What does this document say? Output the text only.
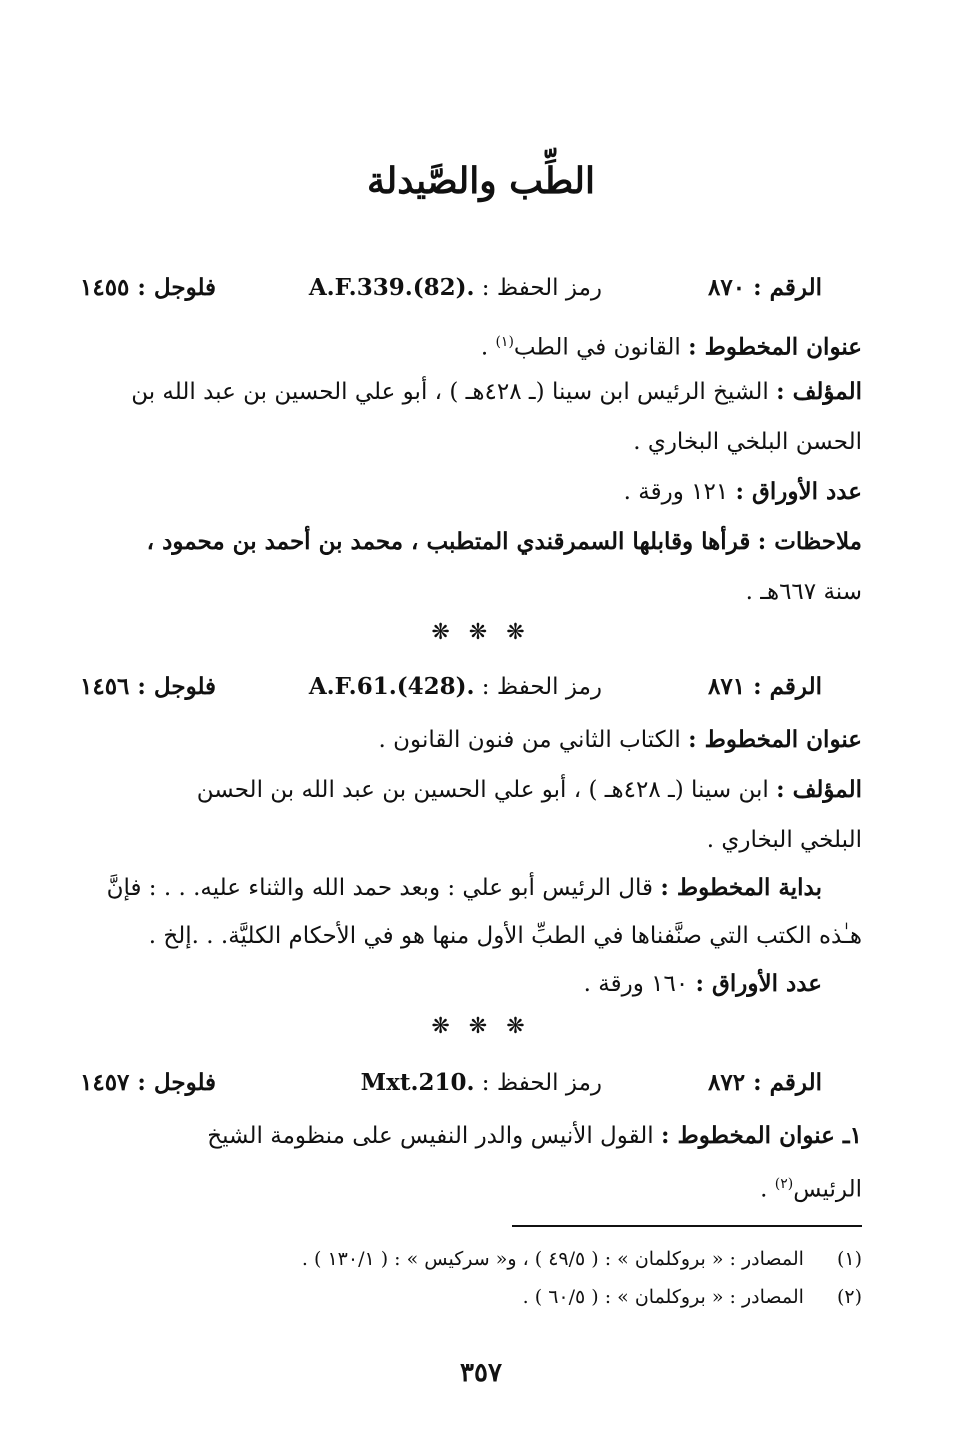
الطِّب والصَّيدلة
الرقم : ٨٧٠
رمز الحفظ : A.F.339.(82).
فلوجل : ١٤٥٥
عنوان المخطوط : القانون في الطب$^{(١)}$ .
المؤلف : الشيخ الرئيس ابن سينا (ـ ٤٢٨هـ ) ، أبو علي الحسين بن عبد الله بن
الحسن البلخي البخاري .
عدد الأوراق : ١٢١ ورقة .
ملاحظات : قرأها وقابلها السمرقندي المتطبب ، محمد بن أحمد بن محمود ،
سنة ٦٦٧هـ .
❋ ❋ ❋
الرقم : ٨٧١
رمز الحفظ : A.F.61.(428).
فلوجل : ١٤٥٦
عنوان المخطوط : الكتاب الثاني من فنون القانون .
المؤلف : ابن سينا (ـ ٤٢٨هـ ) ، أبو علي الحسين بن عبد الله بن الحسن
البلخي البخاري .
بداية المخطوط : قال الرئيس أبو علي : وبعد حمد الله والثناء عليه. . . : فإنَّ
هـٰذه الكتب التي صنَّفناها في الطبِّ الأول منها هو في الأحكام الكليَّة. . .إلخ .
عدد الأوراق : ١٦٠ ورقة .
❋ ❋ ❋
الرقم : ٨٧٢
رمز الحفظ : Mxt.210.
فلوجل : ١٤٥٧
١ـ عنوان المخطوط : القول الأنيس والدر النفيس على منظومة الشيخ
الرئيس$^{(٢)}$ .
(١) المصادر : « بروكلمان » : ( ٤٩/٥ ) ، و« سركيس » : ( ١٣٠/١ ) .
(٢) المصادر : « بروكلمان » : ( ٦٠/٥ ) .
٣٥٧
